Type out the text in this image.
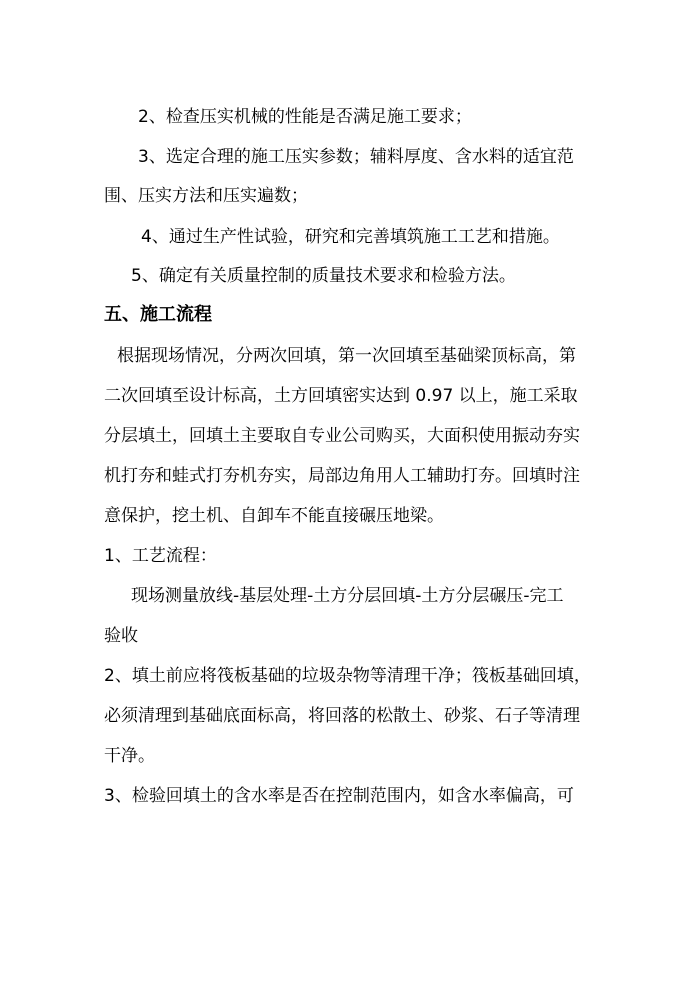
2、检查压实机械的性能是否满足施工要求；
3、选定合理的施工压实参数；辅料厚度、含水料的适宜范
围、压实方法和压实遍数；
4、通过生产性试验，研究和完善填筑施工工艺和措施。
5、确定有关质量控制的质量技术要求和检验方法。
五、施工流程
根据现场情况，分两次回填，第一次回填至基础梁顶标高，第
二次回填至设计标高，土方回填密实达到 0.97 以上，施工采取
分层填土，回填土主要取自专业公司购买，大面积使用振动夯实
机打夯和蛙式打夯机夯实，局部边角用人工辅助打夯。回填时注
意保护，挖土机、自卸车不能直接碾压地梁。
1、工艺流程：
现场测量放线-基层处理-土方分层回填-土方分层碾压-完工
验收
2、填土前应将筏板基础的垃圾杂物等清理干净；筏板基础回填，
必须清理到基础底面标高，将回落的松散土、砂浆、石子等清理
干净。
3、检验回填土的含水率是否在控制范围内，如含水率偏高，可
